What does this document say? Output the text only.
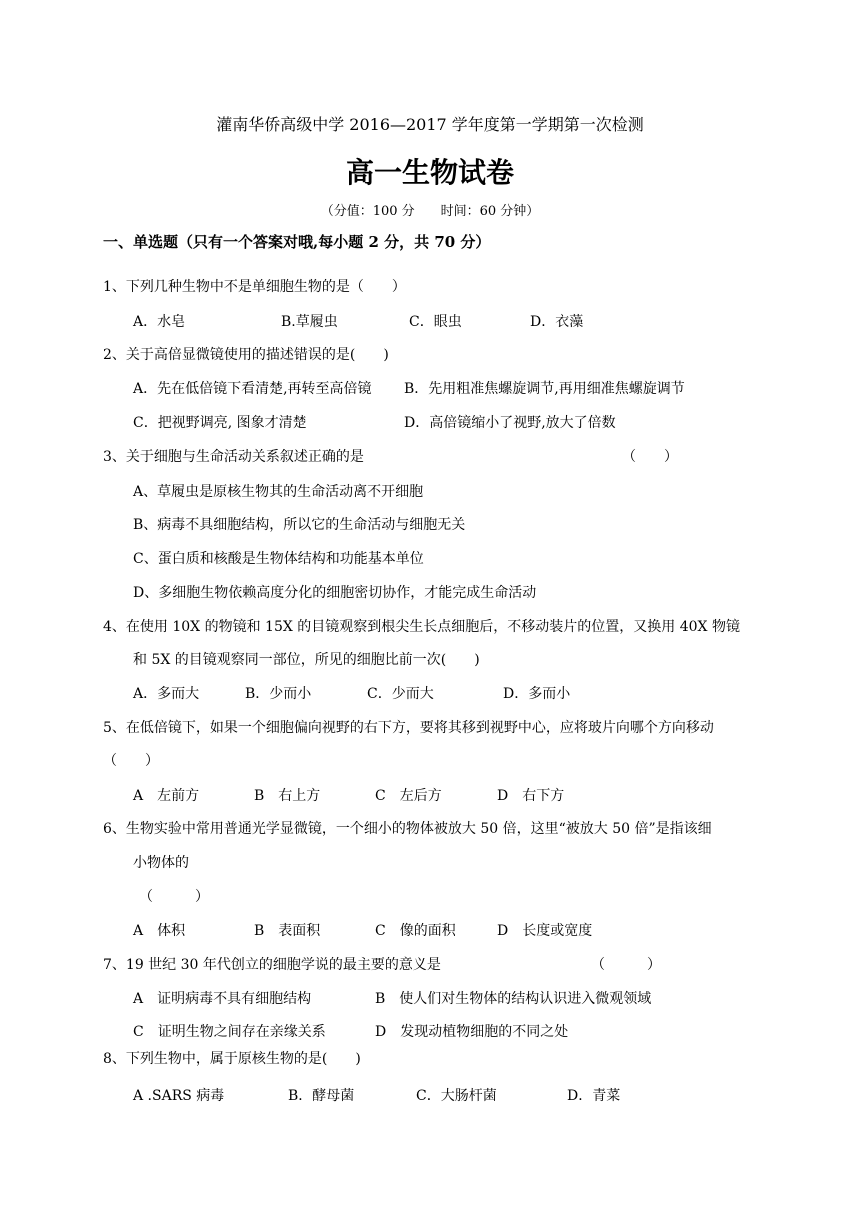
灌南华侨高级中学 2016—2017 学年度第一学期第一次检测
高一生物试卷
（分值：100 分　　时间：60 分钟）
一、单选题（只有一个答案对哦,每小题 2 分，共 70 分）
1、下列几种生物中不是单细胞生物的是（　　）
A．水皂	B.草履虫	C．眼虫	D．衣藻
2、关于高倍显微镜使用的描述错误的是(　　)
A．先在低倍镜下看清楚,再转至高倍镜 B．先用粗准焦螺旋调节,再用细准焦螺旋调节
C．把视野调亮, 图象才清楚	D．高倍镜缩小了视野,放大了倍数
3、关于细胞与生命活动关系叙述正确的是	（　　）
A、草履虫是原核生物其的生命活动离不开细胞
B、病毒不具细胞结构，所以它的生命活动与细胞无关
C、蛋白质和核酸是生物体结构和功能基本单位
D、多细胞生物依赖高度分化的细胞密切协作，才能完成生命活动
4、在使用 10X 的物镜和 15X 的目镜观察到根尖生长点细胞后，不移动装片的位置，又换用 40X 物镜
和 5X 的目镜观察同一部位，所见的细胞比前一次(　　)
A．多而大	B．少而小	C．少而大	D．多而小
5、在低倍镜下，如果一个细胞偏向视野的右下方，要将其移到视野中心，应将玻片向哪个方向移动
（　　）
A　左前方	B　右上方	C　左后方	D　右下方
6、生物实验中常用普通光学显微镜，一个细小的物体被放大 50 倍，这里“被放大 50 倍”是指该细
小物体的
（　　　）
A　体积	B　表面积	C　像的面积	D　长度或宽度
7、19 世纪 30 年代创立的细胞学说的最主要的意义是	（　　　）
A　证明病毒不具有细胞结构	B　使人们对生物体的结构认识进入微观领域
C　证明生物之间存在亲缘关系	D　发现动植物细胞的不同之处
8、下列生物中，属于原核生物的是(　　)
A .SARS 病毒	B．酵母菌	C．大肠杆菌	D．青菜
